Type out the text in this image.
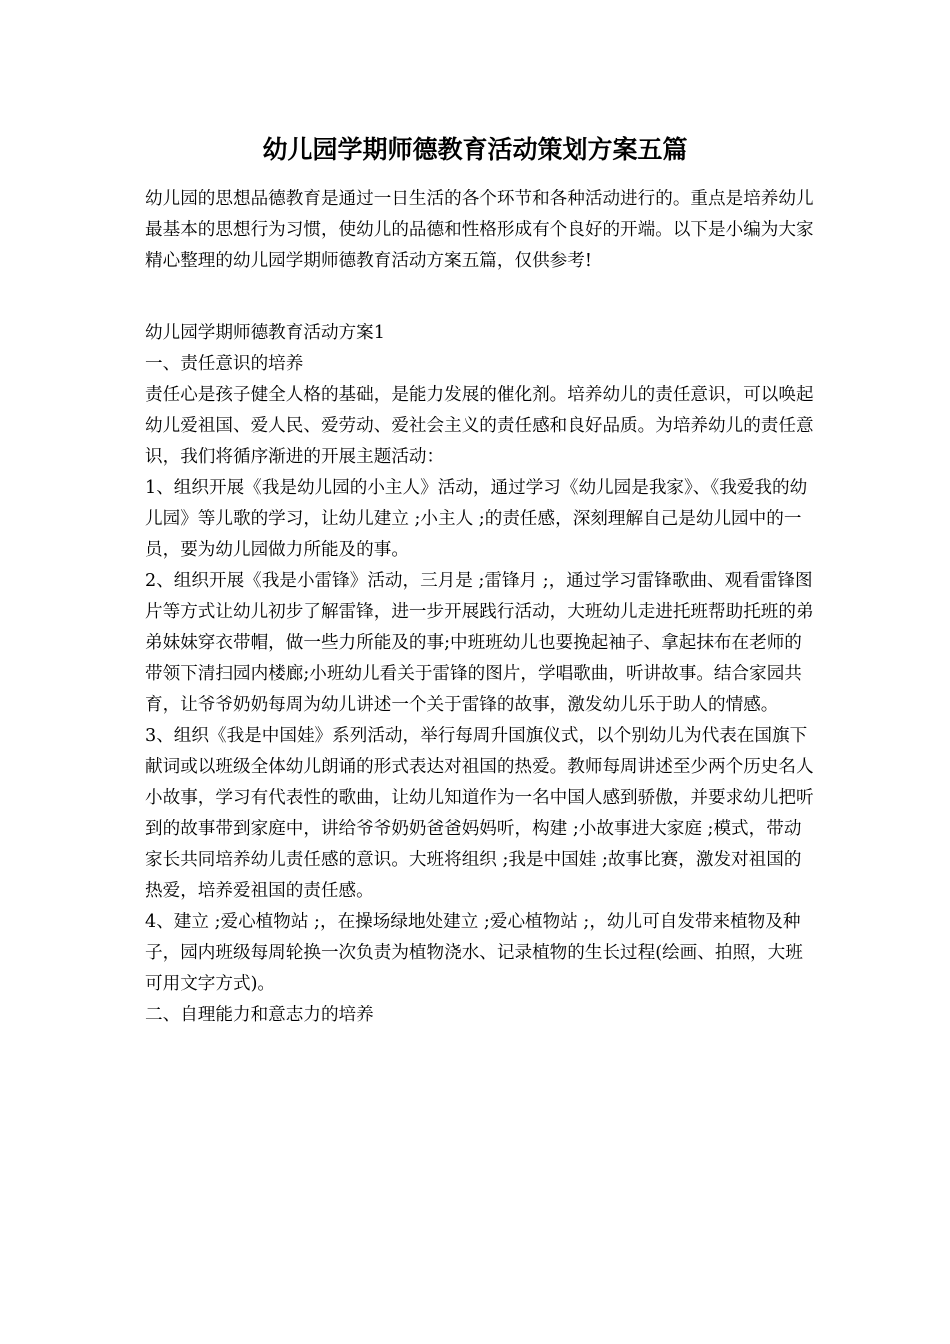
幼儿园学期师德教育活动策划方案五篇

幼儿园的思想品德教育是通过一日生活的各个环节和各种活动进行的。重点是培养幼儿最基本的思想行为习惯，使幼儿的品德和性格形成有个良好的开端。以下是小编为大家精心整理的幼儿园学期师德教育活动方案五篇，仅供参考!

幼儿园学期师德教育活动方案1

一、责任意识的培养

责任心是孩子健全人格的基础，是能力发展的催化剂。培养幼儿的责任意识，可以唤起幼儿爱祖国、爱人民、爱劳动、爱社会主义的责任感和良好品质。为培养幼儿的责任意识，我们将循序渐进的开展主题活动：

1、组织开展《我是幼儿园的小主人》活动，通过学习《幼儿园是我家》、《我爱我的幼儿园》等儿歌的学习，让幼儿建立 ;小主人 ;的责任感，深刻理解自己是幼儿园中的一员，要为幼儿园做力所能及的事。

2、组织开展《我是小雷锋》活动，三月是 ;雷锋月 ;，通过学习雷锋歌曲、观看雷锋图片等方式让幼儿初步了解雷锋，进一步开展践行活动，大班幼儿走进托班帮助托班的弟弟妹妹穿衣带帽，做一些力所能及的事;中班班幼儿也要挽起袖子、拿起抹布在老师的带领下清扫园内楼廊;小班幼儿看关于雷锋的图片，学唱歌曲，听讲故事。结合家园共育，让爷爷奶奶每周为幼儿讲述一个关于雷锋的故事，激发幼儿乐于助人的情感。

3、组织《我是中国娃》系列活动，举行每周升国旗仪式，以个别幼儿为代表在国旗下献词或以班级全体幼儿朗诵的形式表达对祖国的热爱。教师每周讲述至少两个历史名人小故事，学习有代表性的歌曲，让幼儿知道作为一名中国人感到骄傲，并要求幼儿把听到的故事带到家庭中，讲给爷爷奶奶爸爸妈妈听，构建 ;小故事进大家庭 ;模式，带动家长共同培养幼儿责任感的意识。大班将组织 ;我是中国娃 ;故事比赛，激发对祖国的热爱，培养爱祖国的责任感。

4、建立 ;爱心植物站 ;，在操场绿地处建立 ;爱心植物站 ;，幼儿可自发带来植物及种子，园内班级每周轮换一次负责为植物浇水、记录植物的生长过程(绘画、拍照，大班可用文字方式)。

二、自理能力和意志力的培养
